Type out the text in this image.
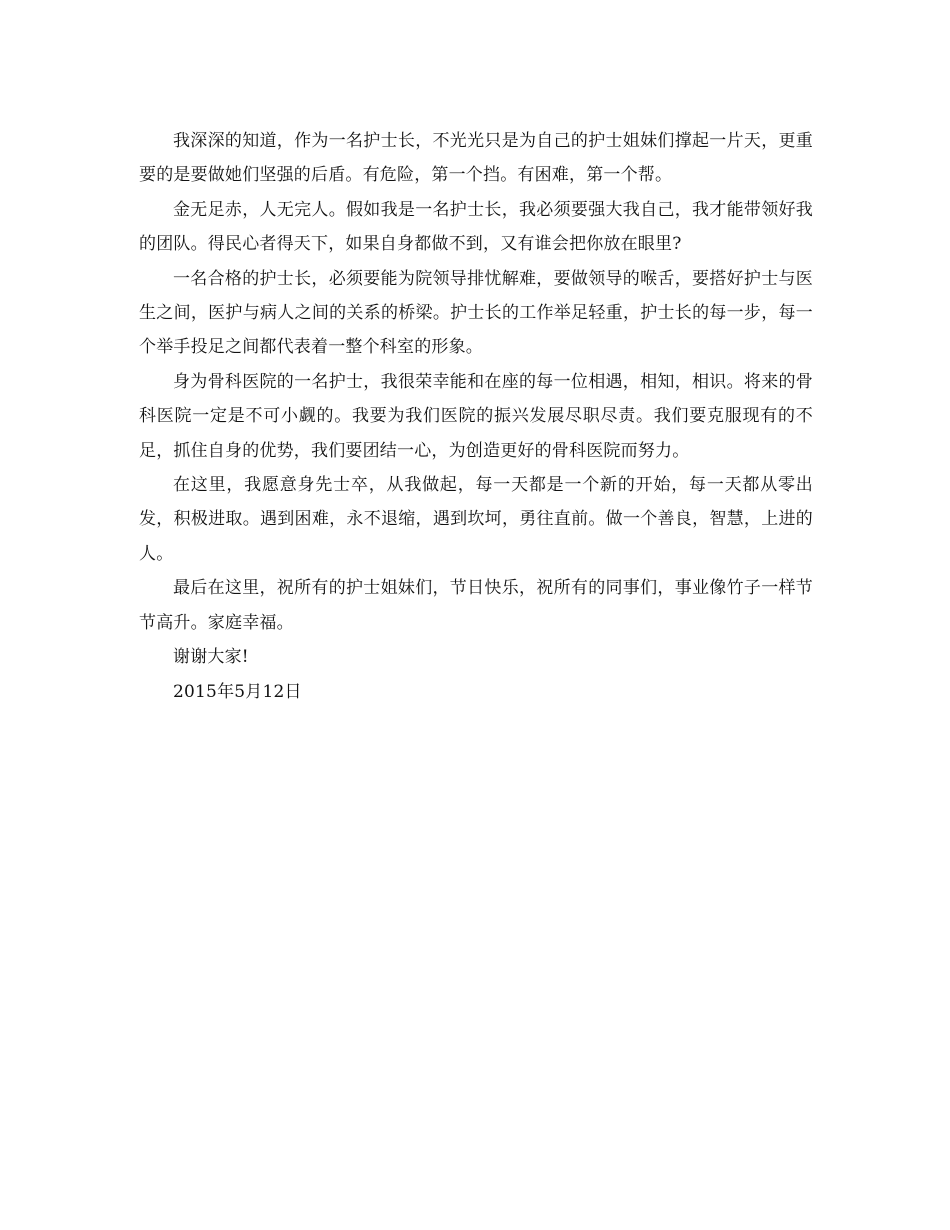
我深深的知道，作为一名护士长，不光光只是为自己的护士姐妹们撑起一片天，更重要的是要做她们坚强的后盾。有危险，第一个挡。有困难，第一个帮。

金无足赤，人无完人。假如我是一名护士长，我必须要强大我自己，我才能带领好我的团队。得民心者得天下，如果自身都做不到，又有谁会把你放在眼里?

一名合格的护士长，必须要能为院领导排忧解难，要做领导的喉舌，要搭好护士与医生之间，医护与病人之间的关系的桥梁。护士长的工作举足轻重，护士长的每一步，每一个举手投足之间都代表着一整个科室的形象。

身为骨科医院的一名护士，我很荣幸能和在座的每一位相遇，相知，相识。将来的骨科医院一定是不可小觑的。我要为我们医院的振兴发展尽职尽责。我们要克服现有的不足，抓住自身的优势，我们要团结一心，为创造更好的骨科医院而努力。

在这里，我愿意身先士卒，从我做起，每一天都是一个新的开始，每一天都从零出发，积极进取。遇到困难，永不退缩，遇到坎坷，勇往直前。做一个善良，智慧，上进的人。

最后在这里，祝所有的护士姐妹们，节日快乐，祝所有的同事们，事业像竹子一样节节高升。家庭幸福。

谢谢大家!

2015年5月12日
